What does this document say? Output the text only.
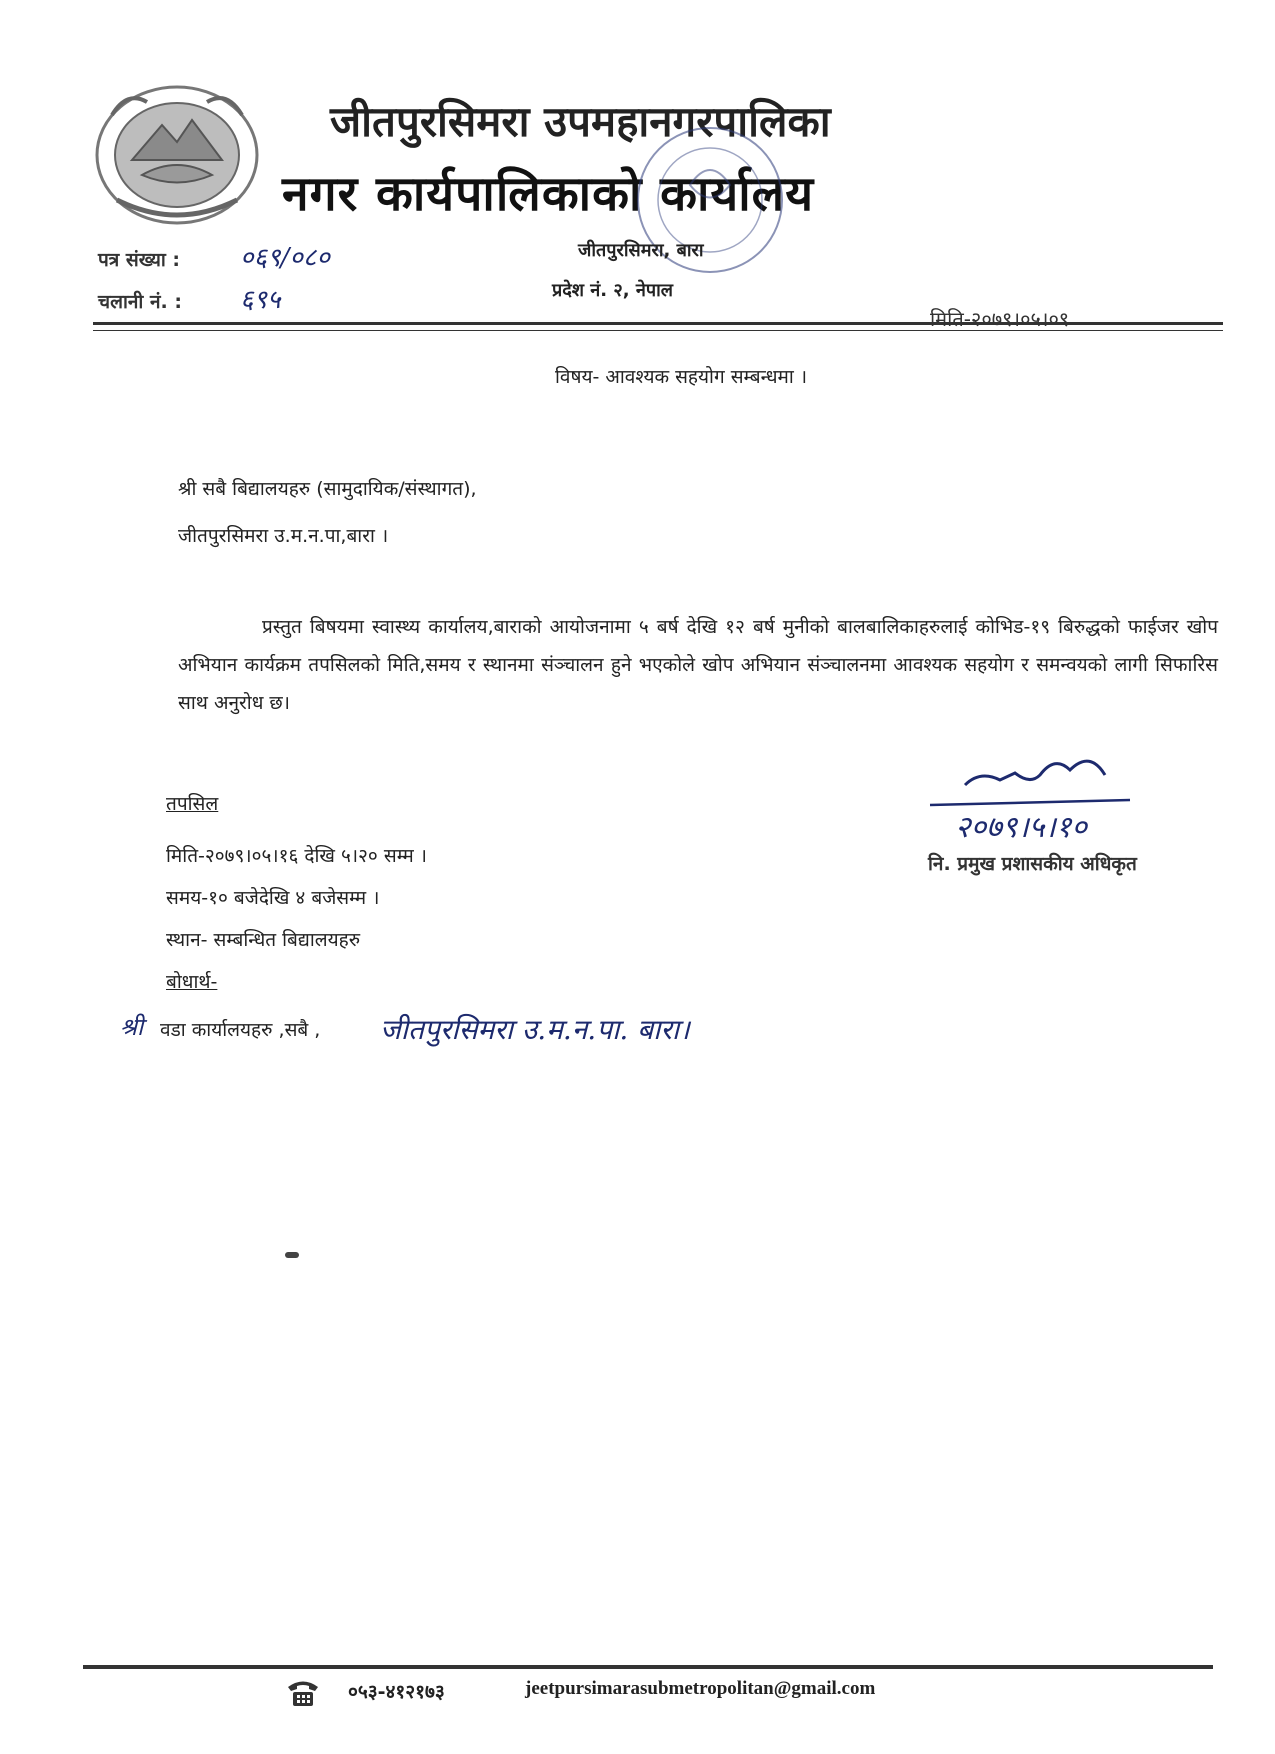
जीतपुरसिमरा उपमहानगरपालिका
नगर कार्यपालिकाको कार्यालय
पत्र संख्या : ०६९/०८०
चलानी नं. : ६९५
जीतपुरसिमरा, बारा
प्रदेश नं. २, नेपाल
मिति-२०७९।०५।०९
विषय- आवश्यक सहयोग सम्बन्धमा ।
श्री सबै बिद्यालयहरु (सामुदायिक/संस्थागत),
जीतपुरसिमरा उ.म.न.पा,बारा ।
प्रस्तुत बिषयमा स्वास्थ्य कार्यालय,बाराको आयोजनामा ५ बर्ष देखि १२ बर्ष मुनीको बालबालिकाहरुलाई कोभिड-१९ बिरुद्धको फाईजर खोप अभियान कार्यक्रम तपसिलको मिति,समय र स्थानमा संञ्चालन हुने भएकोले खोप अभियान संञ्चालनमा आवश्यक सहयोग र समन्वयको लागी सिफारिस साथ अनुरोध छ।
तपसिल
मिति-२०७९।०५।१६ देखि ५।२० सम्म ।
समय-१० बजेदेखि ४ बजेसम्म ।
स्थान- सम्बन्धित बिद्यालयहरु
बोधार्थ-
श्री वडा कार्यालयहरु ,सबै , जीतपुरसिमरा उ.म.न.पा. बारा।
२०७९।५।१०
नि. प्रमुख प्रशासकीय अधिकृत
०५३-४१२१७३	jeetpursimarasubmetropolitan@gmail.com
